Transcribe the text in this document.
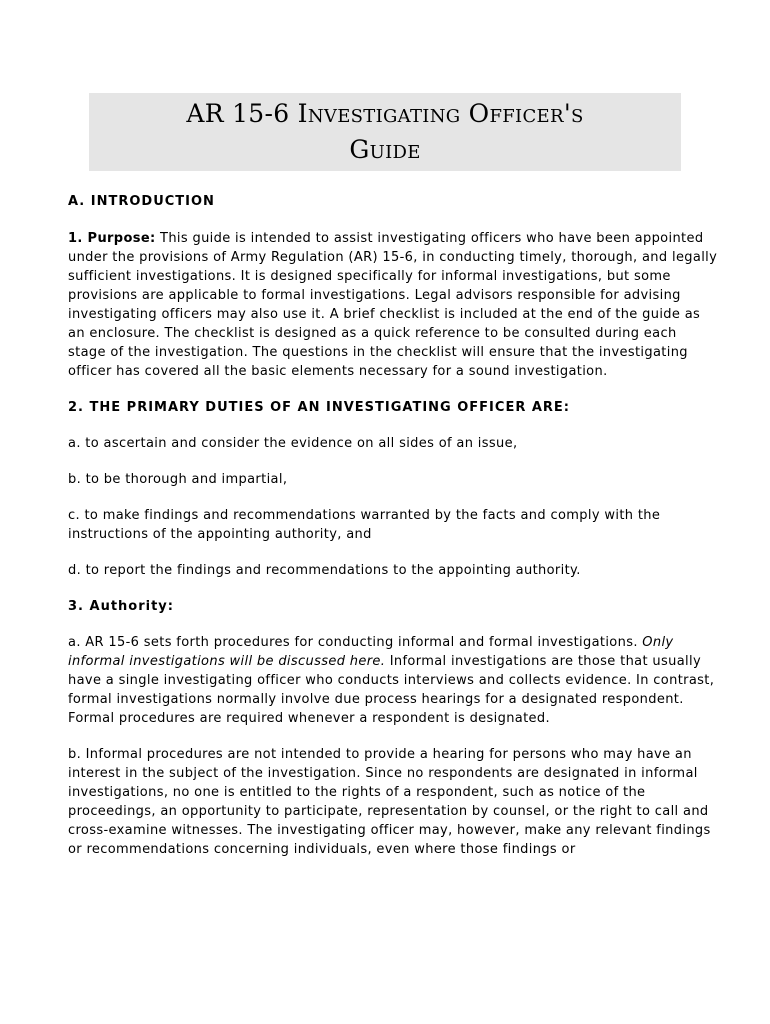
AR 15-6 Investigating Officer's
Guide

A. INTRODUCTION

1. Purpose: This guide is intended to assist investigating officers who have been appointed under the provisions of Army Regulation (AR) 15-6, in conducting timely, thorough, and legally sufficient investigations. It is designed specifically for informal investigations, but some provisions are applicable to formal investigations. Legal advisors responsible for advising investigating officers may also use it. A brief checklist is included at the end of the guide as an enclosure. The checklist is designed as a quick reference to be consulted during each stage of the investigation. The questions in the checklist will ensure that the investigating officer has covered all the basic elements necessary for a sound investigation.

2. THE PRIMARY DUTIES OF AN INVESTIGATING OFFICER ARE:

a. to ascertain and consider the evidence on all sides of an issue,

b. to be thorough and impartial,

c. to make findings and recommendations warranted by the facts and comply with the instructions of the appointing authority, and

d. to report the findings and recommendations to the appointing authority.

3. Authority:

a. AR 15-6 sets forth procedures for conducting informal and formal investigations. Only informal investigations will be discussed here. Informal investigations are those that usually have a single investigating officer who conducts interviews and collects evidence. In contrast, formal investigations normally involve due process hearings for a designated respondent. Formal procedures are required whenever a respondent is designated.

b. Informal procedures are not intended to provide a hearing for persons who may have an interest in the subject of the investigation. Since no respondents are designated in informal investigations, no one is entitled to the rights of a respondent, such as notice of the proceedings, an opportunity to participate, representation by counsel, or the right to call and cross-examine witnesses. The investigating officer may, however, make any relevant findings or recommendations concerning individuals, even where those findings or
